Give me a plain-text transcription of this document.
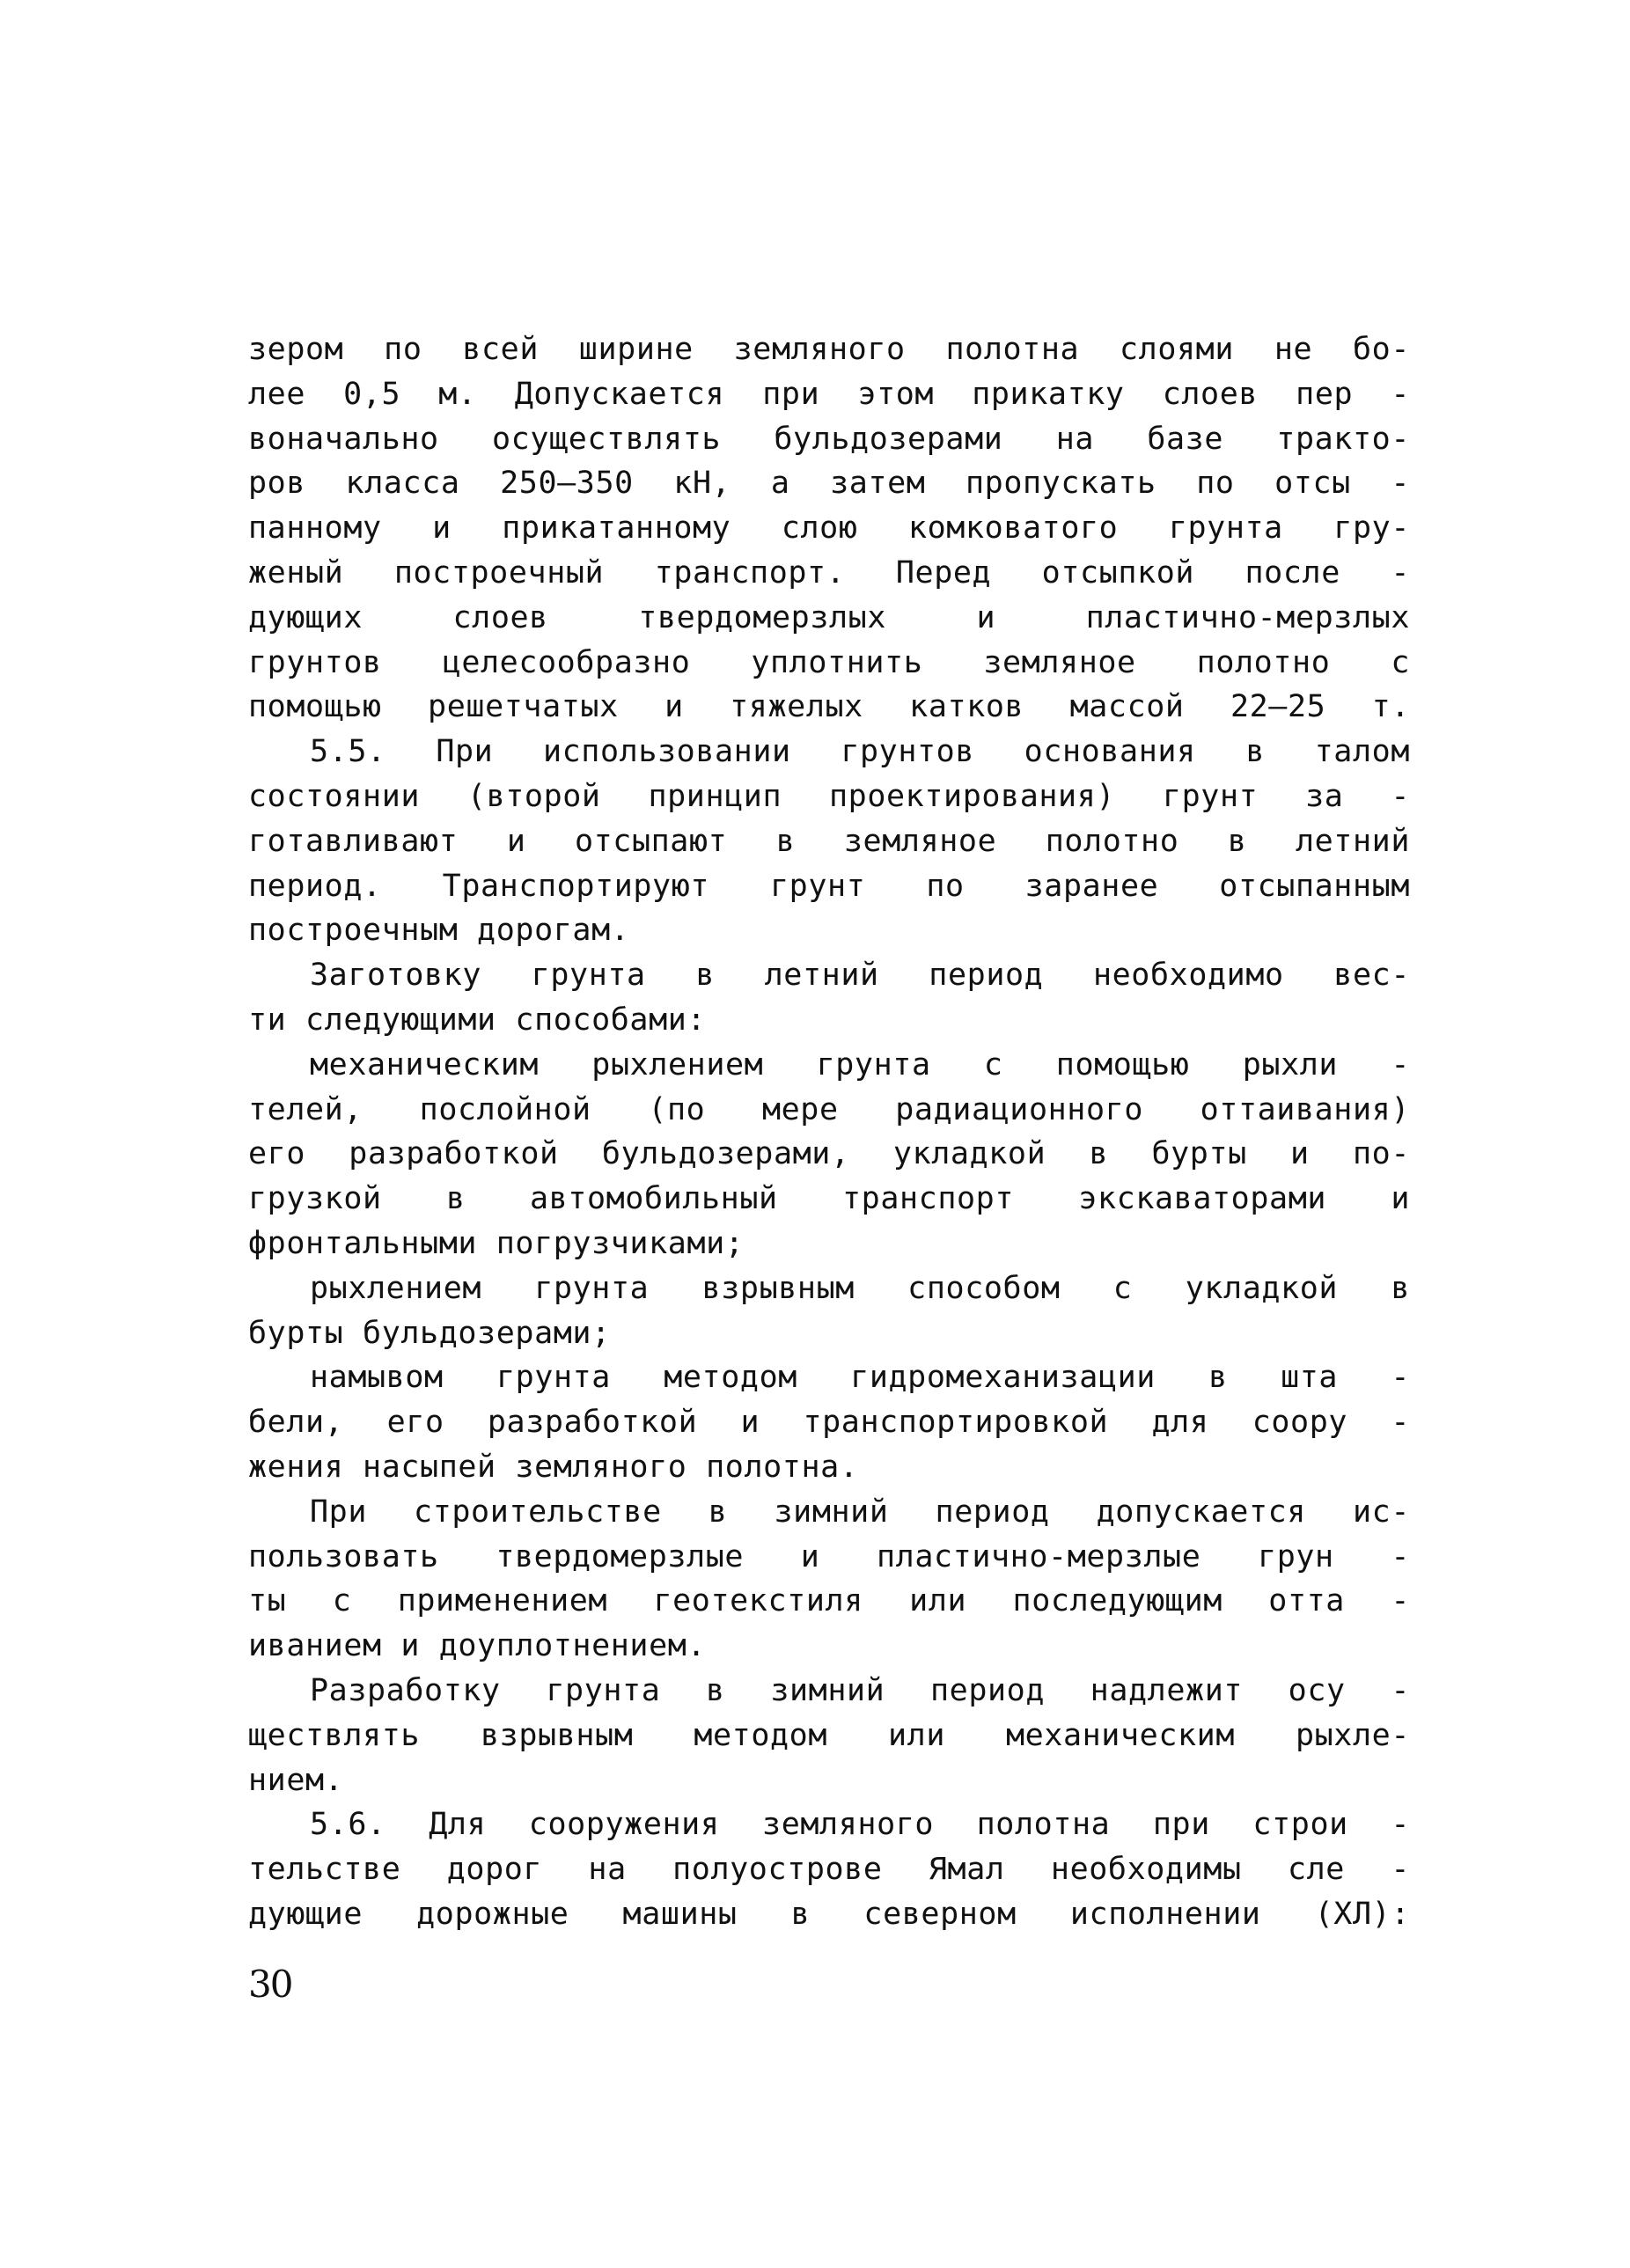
зером по всей ширине земляного полотна слоями не бо-
лее 0,5 м. Допускается при этом прикатку слоев пер -
воначально осуществлять бульдозерами на базе тракто-
ров класса 250–350 кН, а затем пропускать по отсы -
панному и прикатанному слою комковатого грунта гру-
женый построечный транспорт. Перед отсыпкой после -
дующих слоев твердомерзлых и пластично-мерзлых
грунтов целесообразно уплотнить земляное полотно с
помощью решетчатых и тяжелых катков массой 22–25 т.
5.5. При использовании грунтов основания в талом
состоянии (второй принцип проектирования) грунт за -
готавливают и отсыпают в земляное полотно в летний
период. Транспортируют грунт по заранее отсыпанным
построечным дорогам.
Заготовку грунта в летний период необходимо вес-
ти следующими способами:
механическим рыхлением грунта с помощью рыхли -
телей, послойной (по мере радиационного оттаивания)
его разработкой бульдозерами, укладкой в бурты и по-
грузкой в автомобильный транспорт экскаваторами и
фронтальными погрузчиками;
рыхлением грунта взрывным способом с укладкой в
бурты бульдозерами;
намывом грунта методом гидромеханизации в шта -
бели, его разработкой и транспортировкой для соору -
жения насыпей земляного полотна.
При строительстве в зимний период допускается ис-
пользовать твердомерзлые и пластично-мерзлые грун -
ты с применением геотекстиля или последующим отта -
иванием и доуплотнением.
Разработку грунта в зимний период надлежит осу -
ществлять взрывным методом или механическим рыхле-
нием.
5.6. Для сооружения земляного полотна при строи -
тельстве дорог на полуострове Ямал необходимы сле -
дующие дорожные машины в северном исполнении (ХЛ):
30
